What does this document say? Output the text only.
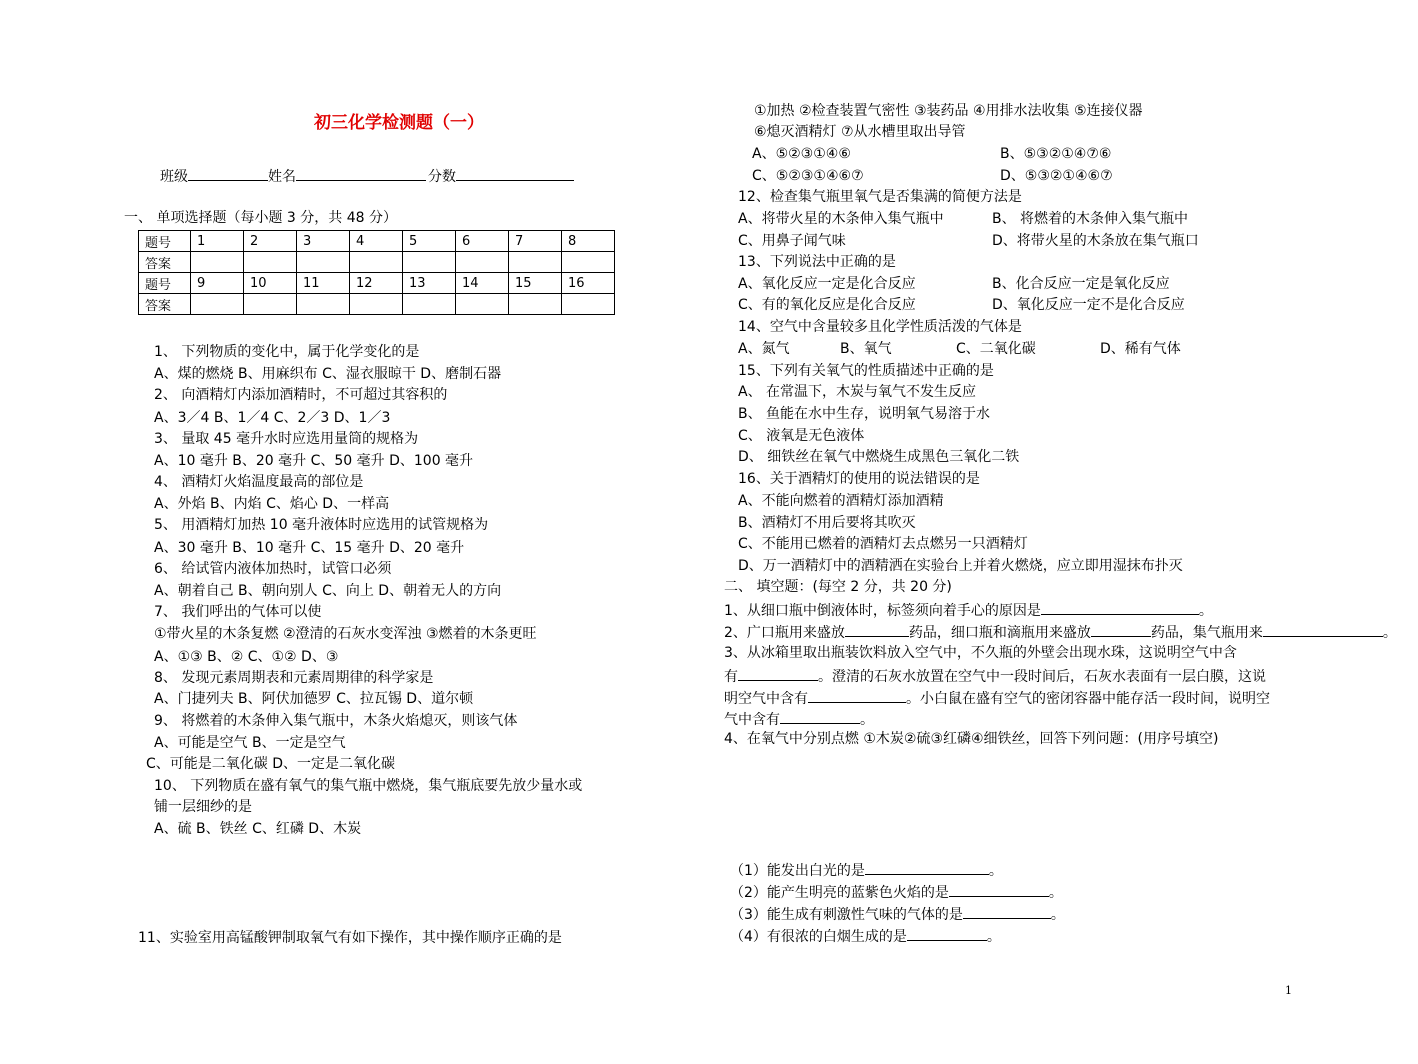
初三化学检测题（一）
班级	姓名	分数
一、 单项选择题（每小题 3 分，共 48 分）
题号	1	2	3	4	5	6	7	8
答案								
题号	9	10	11	12	13	14	15	16
答案								
1、 下列物质的变化中，属于化学变化的是
A、煤的燃烧 B、用麻织布 C、湿衣服晾干 D、磨制石器
2、 向酒精灯内添加酒精时，不可超过其容积的
A、3／4 B、1／4 C、2／3 D、1／3
3、 量取 45 毫升水时应选用量筒的规格为
A、10 毫升 B、20 毫升 C、50 毫升 D、100 毫升
4、 酒精灯火焰温度最高的部位是
A、外焰 B、内焰 C、焰心 D、一样高
5、 用酒精灯加热 10 毫升液体时应选用的试管规格为
A、30 毫升 B、10 毫升 C、15 毫升 D、20 毫升
6、 给试管内液体加热时，试管口必须
A、朝着自己 B、朝向别人 C、向上 D、朝着无人的方向
7、 我们呼出的气体可以使
①带火星的木条复燃 ②澄清的石灰水变浑浊 ③燃着的木条更旺
A、①③ B、② C、①② D、③
8、 发现元素周期表和元素周期律的科学家是
A、门捷列夫 B、阿伏加德罗 C、拉瓦锡 D、道尔顿
9、 将燃着的木条伸入集气瓶中，木条火焰熄灭，则该气体
A、可能是空气 B、一定是空气
C、可能是二氧化碳 D、一定是二氧化碳
10、 下列物质在盛有氧气的集气瓶中燃烧，集气瓶底要先放少量水或
铺一层细纱的是
A、硫 B、铁丝 C、红磷 D、木炭
11、实验室用高锰酸钾制取氧气有如下操作，其中操作顺序正确的是
①加热 ②检查装置气密性 ③装药品 ④用排水法收集 ⑤连接仪器
⑥熄灭酒精灯 ⑦从水槽里取出导管
A、⑤②③①④⑥	B、⑤③②①④⑦⑥
C、⑤②③①④⑥⑦	D、⑤③②①④⑥⑦
12、检查集气瓶里氧气是否集满的简便方法是
A、将带火星的木条伸入集气瓶中	B、 将燃着的木条伸入集气瓶中
C、用鼻子闻气味	D、将带火星的木条放在集气瓶口
13、下列说法中正确的是
A、氧化反应一定是化合反应	B、化合反应一定是氧化反应
C、有的氧化反应是化合反应	D、氧化反应一定不是化合反应
14、空气中含量较多且化学性质活泼的气体是
A、氮气	B、氧气	C、二氧化碳	D、稀有气体
15、下列有关氧气的性质描述中正确的是
A、 在常温下，木炭与氧气不发生反应
B、 鱼能在水中生存，说明氧气易溶于水
C、 液氧是无色液体
D、 细铁丝在氧气中燃烧生成黑色三氧化二铁
16、关于酒精灯的使用的说法错误的是
A、不能向燃着的酒精灯添加酒精
B、酒精灯不用后要将其吹灭
C、不能用已燃着的酒精灯去点燃另一只酒精灯
D、万一酒精灯中的酒精洒在实验台上并着火燃烧，应立即用湿抹布扑灭
二、 填空题：(每空 2 分，共 20 分)
1、从细口瓶中倒液体时，标签须向着手心的原因是	。
2、广口瓶用来盛放	药品，细口瓶和滴瓶用来盛放	药品，集气瓶用来	。
3、从冰箱里取出瓶装饮料放入空气中，不久瓶的外壁会出现水珠，这说明空气中含
有	。澄清的石灰水放置在空气中一段时间后，石灰水表面有一层白膜，这说
明空气中含有	。小白鼠在盛有空气的密闭容器中能存活一段时间，说明空
气中含有	。
4、在氧气中分别点燃 ①木炭②硫③红磷④细铁丝，回答下列问题：(用序号填空)
（1）能发出白光的是	。
（2）能产生明亮的蓝紫色火焰的是	。
（3）能生成有刺激性气味的气体的是	。
（4）有很浓的白烟生成的是	。
1
